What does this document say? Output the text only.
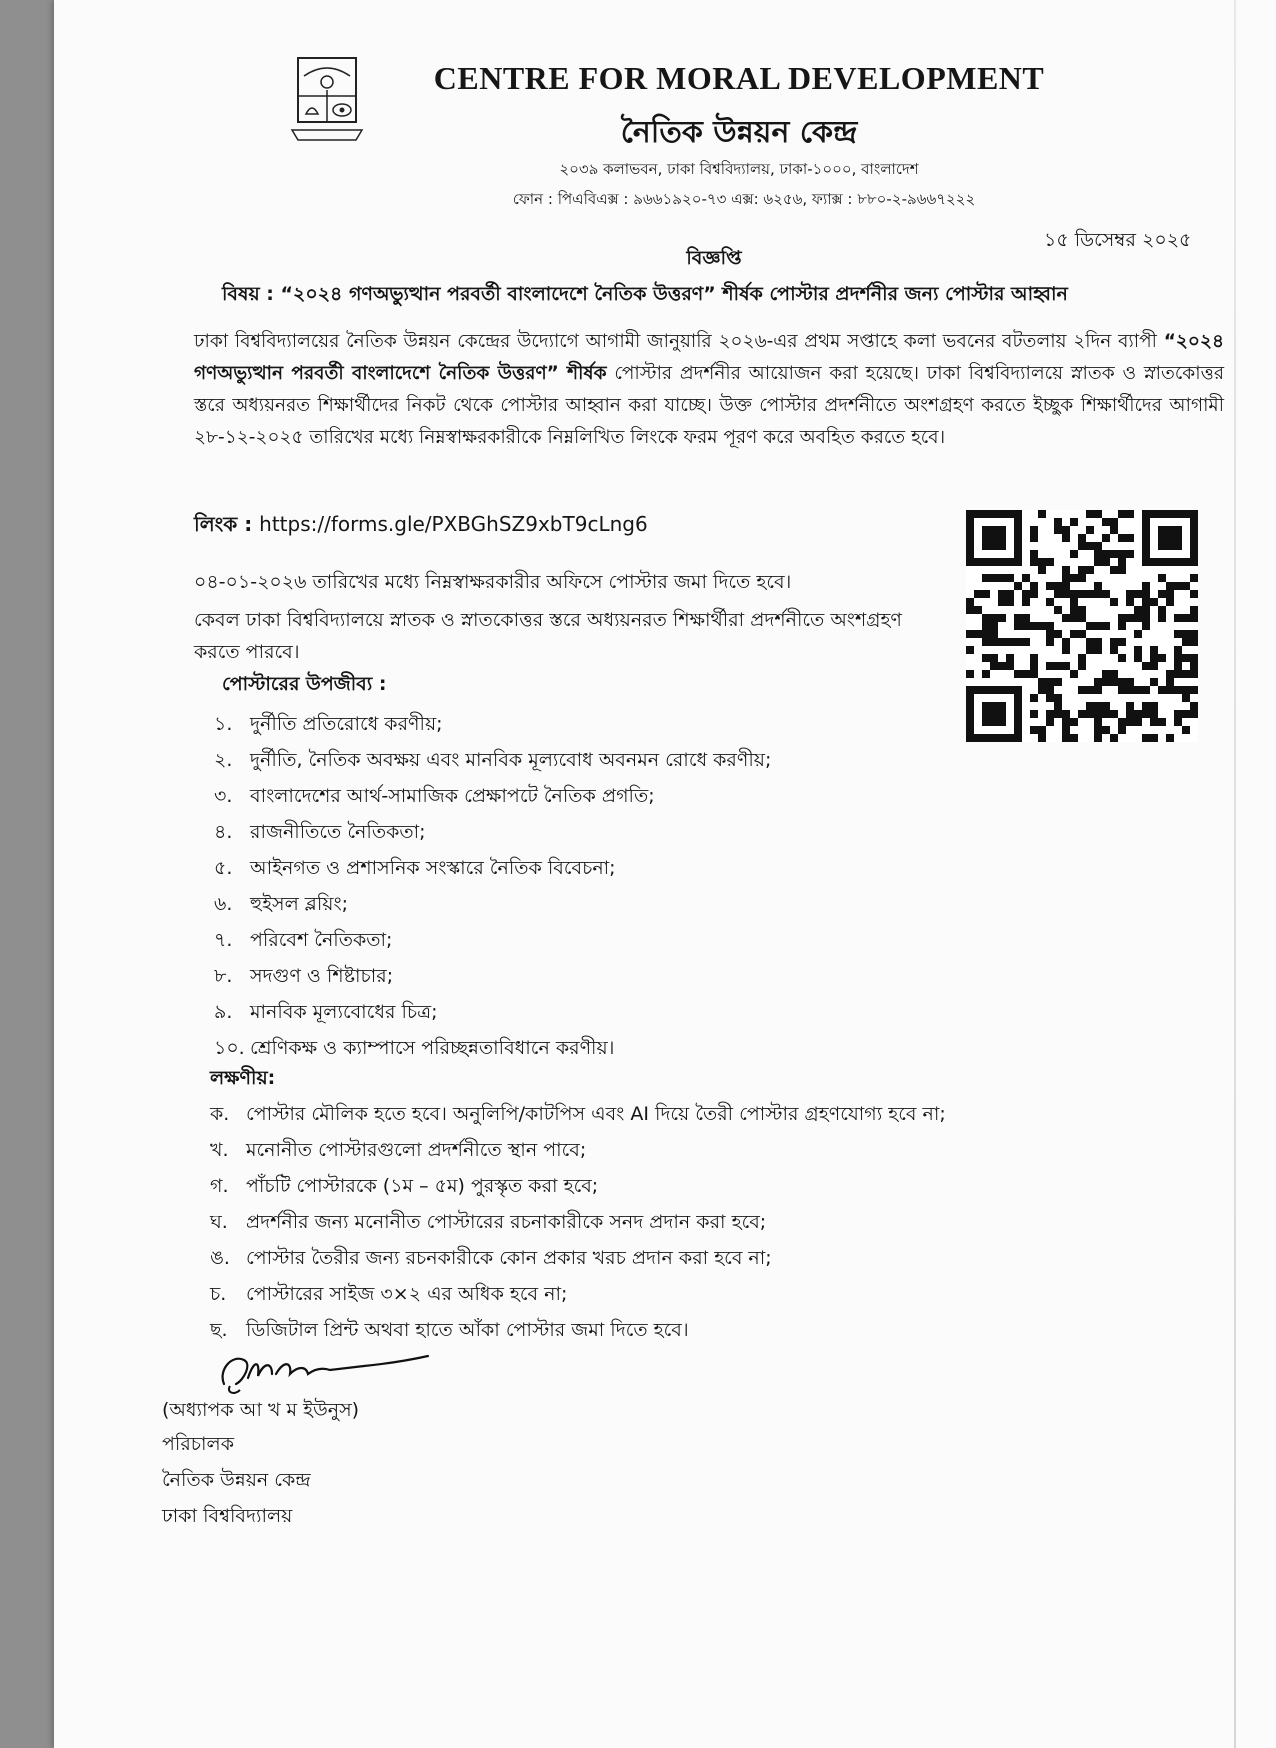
CENTRE FOR MORAL DEVELOPMENT
নৈতিক উন্নয়ন কেন্দ্র
২০৩৯ কলাভবন, ঢাকা বিশ্ববিদ্যালয়, ঢাকা-১০০০, বাংলাদেশ
ফোন : পিএবিএক্স : ৯৬৬১৯২০-৭৩ এক্স: ৬২৫৬, ফ্যাক্স : ৮৮০-২-৯৬৬৭২২২
১৫ ডিসেম্বর ২০২৫
বিজ্ঞপ্তি
বিষয় : “২০২৪ গণঅভ্যুত্থান পরবর্তী বাংলাদেশে নৈতিক উত্তরণ” শীর্ষক পোস্টার প্রদর্শনীর জন্য পোস্টার আহ্বান
ঢাকা বিশ্ববিদ্যালয়ের নৈতিক উন্নয়ন কেন্দ্রের উদ্যোগে আগামী জানুয়ারি ২০২৬-এর প্রথম সপ্তাহে কলা ভবনের বটতলায় ২দিন ব্যাপী “২০২৪ গণঅভ্যুত্থান পরবর্তী বাংলাদেশে নৈতিক উত্তরণ” শীর্ষক পোস্টার প্রদর্শনীর আয়োজন করা হয়েছে। ঢাকা বিশ্ববিদ্যালয়ে স্নাতক ও স্নাতকোত্তর স্তরে অধ্যয়নরত শিক্ষার্থীদের নিকট থেকে পোস্টার আহ্বান করা যাচ্ছে। উক্ত পোস্টার প্রদর্শনীতে অংশগ্রহণ করতে ইচ্ছুক শিক্ষার্থীদের আগামী ২৮-১২-২০২৫ তারিখের মধ্যে নিম্নস্বাক্ষরকারীকে নিম্নলিখিত লিংকে ফরম পূরণ করে অবহিত করতে হবে।
লিংক : https://forms.gle/PXBGhSZ9xbT9cLng6
০৪-০১-২০২৬ তারিখের মধ্যে নিম্নস্বাক্ষরকারীর অফিসে পোস্টার জমা দিতে হবে।
কেবল ঢাকা বিশ্ববিদ্যালয়ে স্নাতক ও স্নাতকোত্তর স্তরে অধ্যয়নরত শিক্ষার্থীরা প্রদর্শনীতে অংশগ্রহণ করতে পারবে।
পোস্টারের উপজীব্য :
১. দুর্নীতি প্রতিরোধে করণীয়;
২. দুর্নীতি, নৈতিক অবক্ষয় এবং মানবিক মূল্যবোধ অবনমন রোধে করণীয়;
৩. বাংলাদেশের আর্থ-সামাজিক প্রেক্ষাপটে নৈতিক প্রগতি;
৪. রাজনীতিতে নৈতিকতা;
৫. আইনগত ও প্রশাসনিক সংস্কারে নৈতিক বিবেচনা;
৬. হুইসল ব্লয়িং;
৭. পরিবেশ নৈতিকতা;
৮. সদগুণ ও শিষ্টাচার;
৯. মানবিক মূল্যবোধের চিত্র;
১০. শ্রেণিকক্ষ ও ক্যাম্পাসে পরিচ্ছন্নতাবিধানে করণীয়।
লক্ষণীয়:
ক. পোস্টার মৌলিক হতে হবে। অনুলিপি/কাটপিস এবং AI দিয়ে তৈরী পোস্টার গ্রহণযোগ্য হবে না;
খ. মনোনীত পোস্টারগুলো প্রদর্শনীতে স্থান পাবে;
গ. পাঁচটি পোস্টারকে (১ম – ৫ম) পুরস্কৃত করা হবে;
ঘ. প্রদর্শনীর জন্য মনোনীত পোস্টারের রচনাকারীকে সনদ প্রদান করা হবে;
ঙ. পোস্টার তৈরীর জন্য রচনকারীকে কোন প্রকার খরচ প্রদান করা হবে না;
চ. পোস্টারের সাইজ ৩×২ এর অধিক হবে না;
ছ. ডিজিটাল প্রিন্ট অথবা হাতে আঁকা পোস্টার জমা দিতে হবে।
(অধ্যাপক আ খ ম ইউনুস)
পরিচালক
নৈতিক উন্নয়ন কেন্দ্র
ঢাকা বিশ্ববিদ্যালয়
